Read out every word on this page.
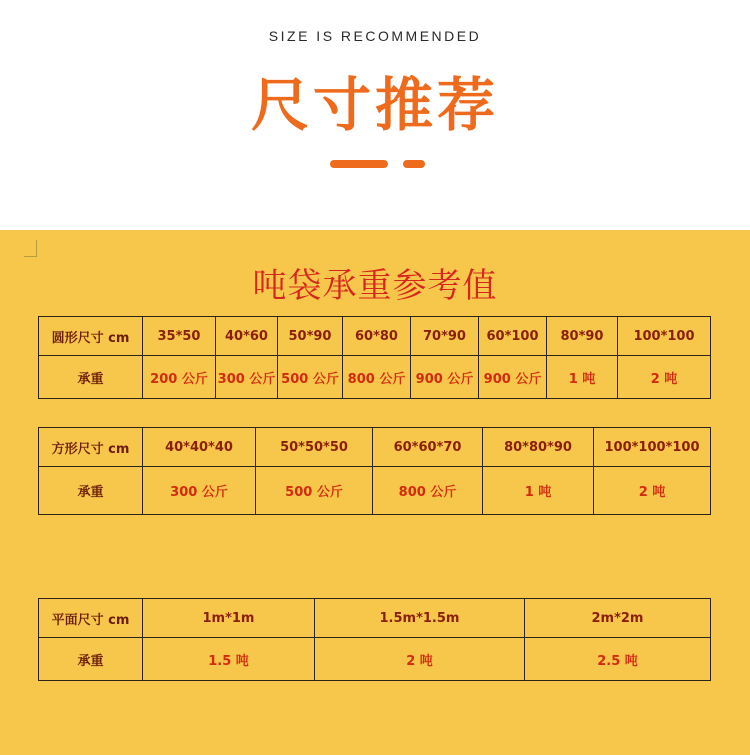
SIZE IS RECOMMENDED
尺寸推荐
吨袋承重参考值
圆形尺寸 cm	35*50	40*60	50*90	60*80	70*90	60*100	80*90	100*100
承重	200 公斤	300 公斤	500 公斤	800 公斤	900 公斤	900 公斤	1 吨	2 吨
方形尺寸 cm	40*40*40	50*50*50	60*60*70	80*80*90	100*100*100
承重	300 公斤	500 公斤	800 公斤	1 吨	2 吨
平面尺寸 cm	1m*1m	1.5m*1.5m	2m*2m
承重	1.5 吨	2 吨	2.5 吨
